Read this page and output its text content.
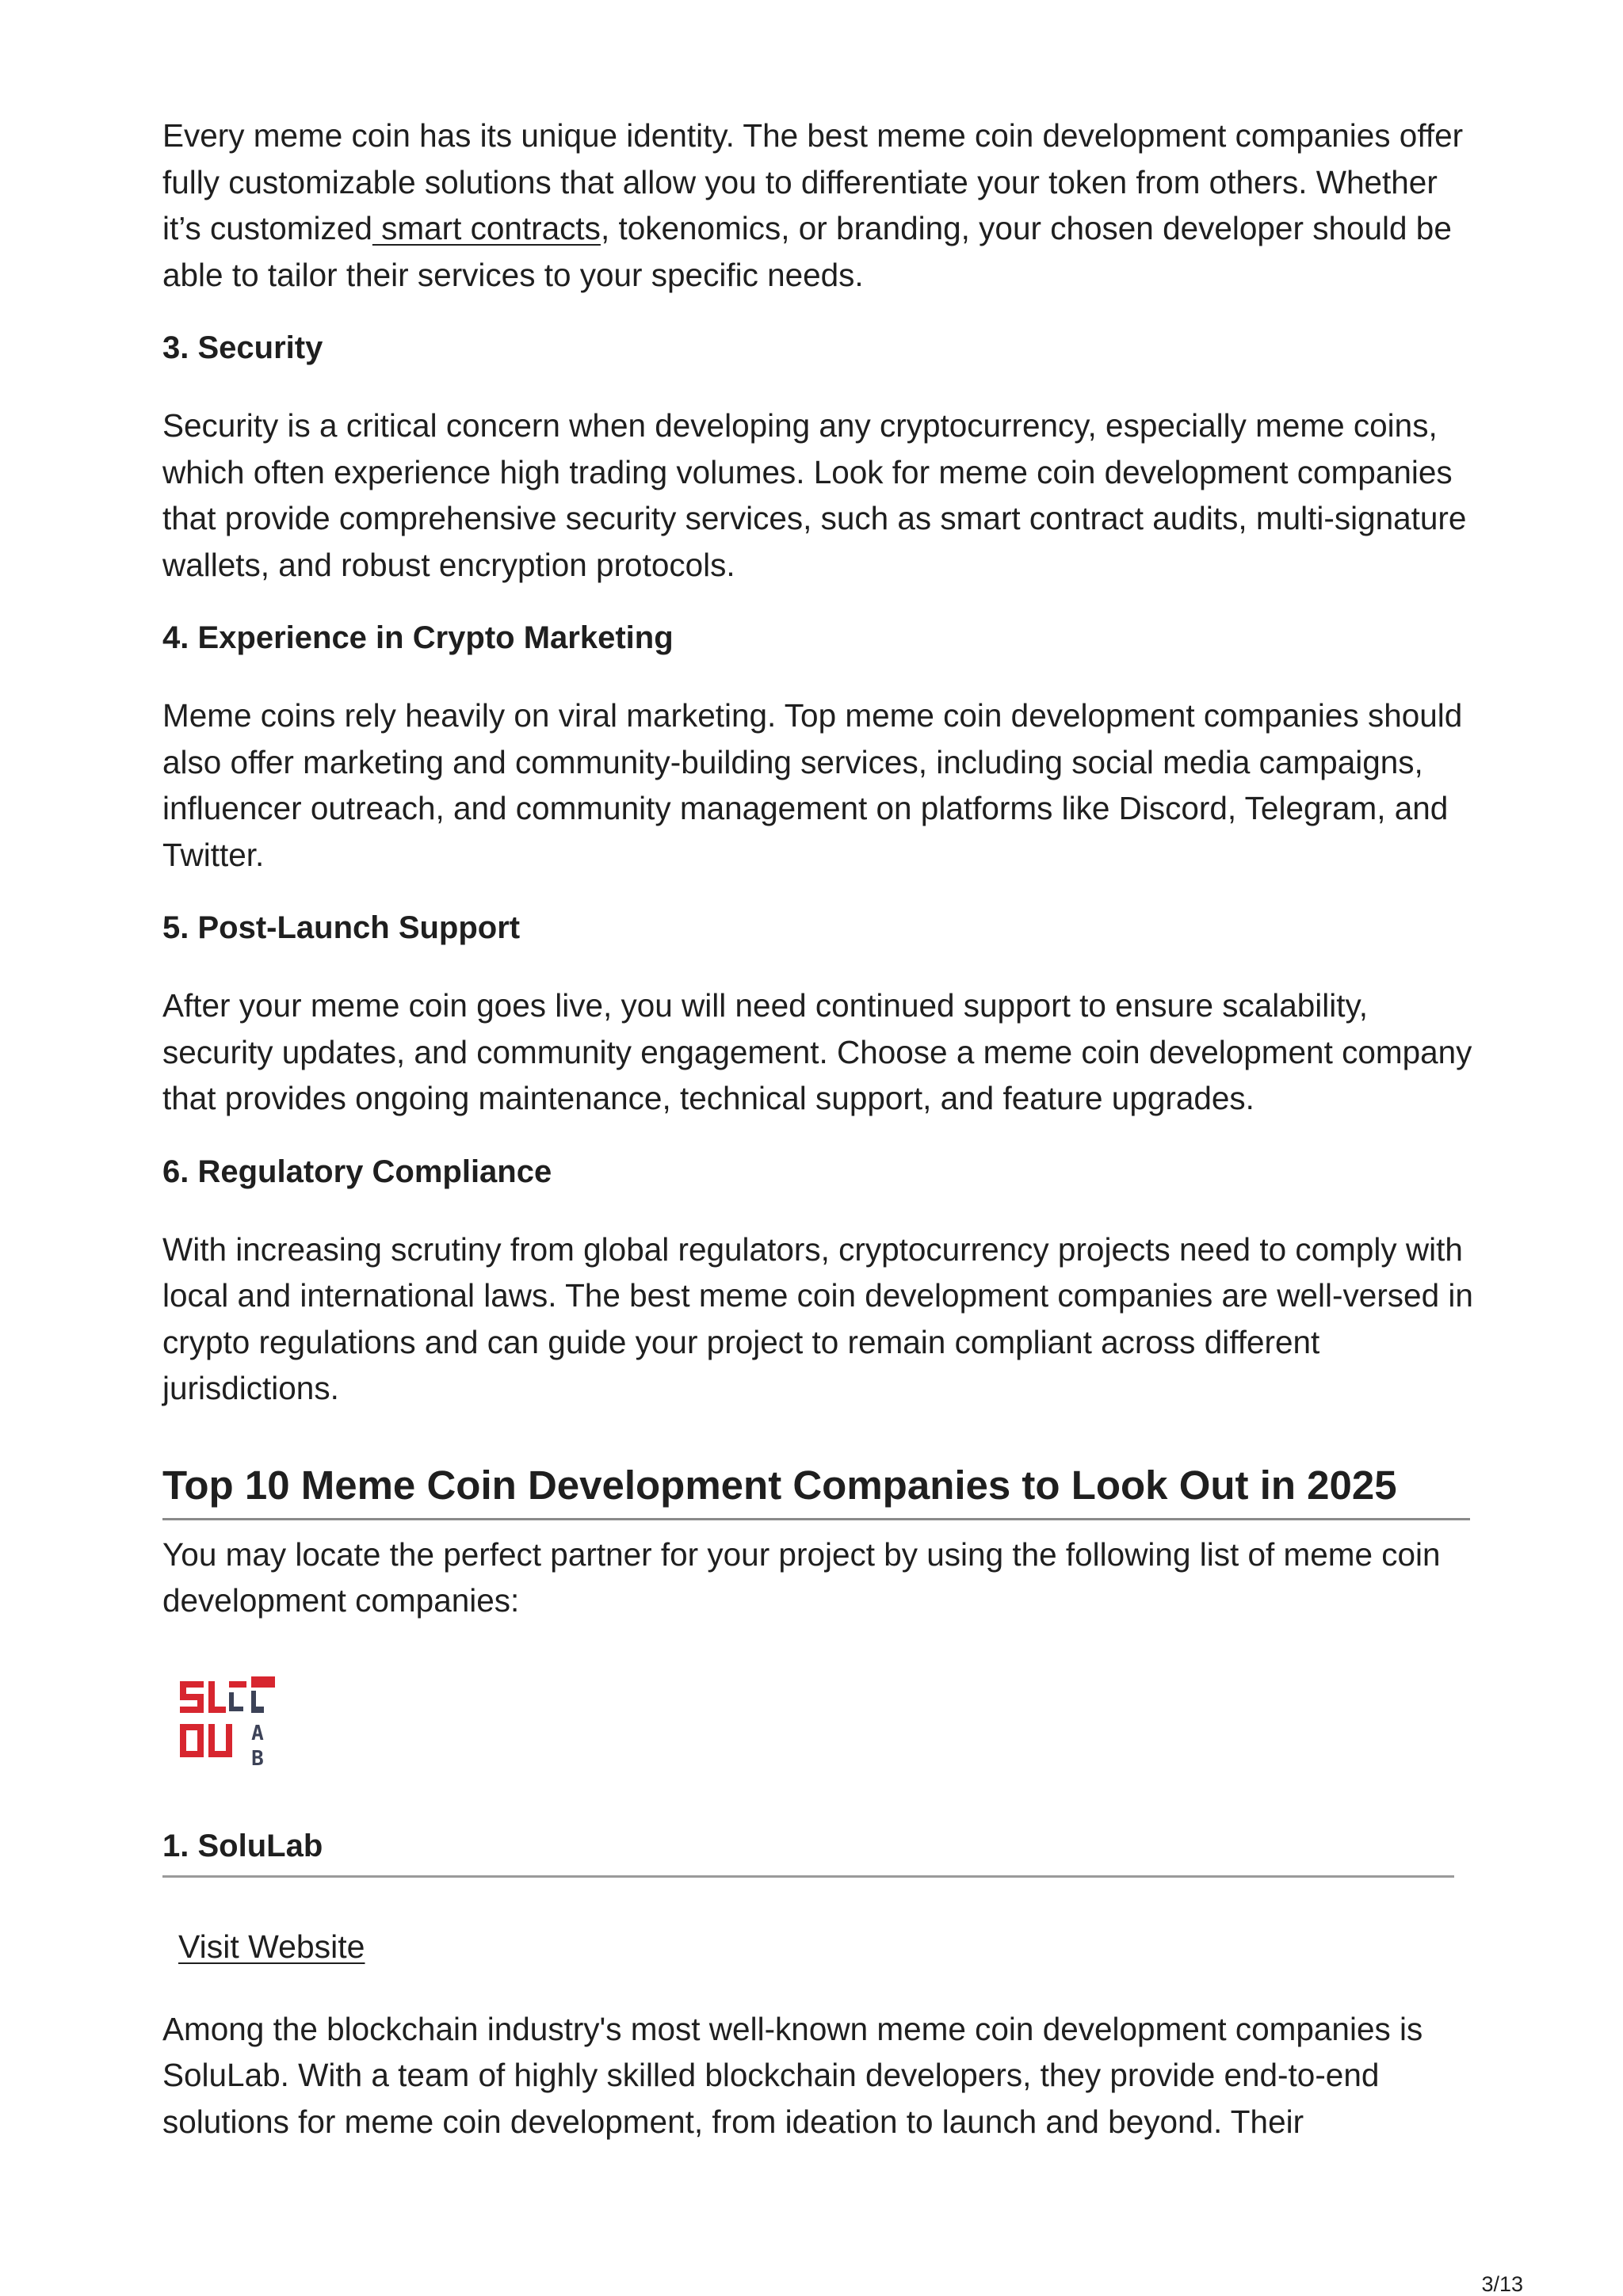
Every meme coin has its unique identity. The best meme coin development companies offer fully customizable solutions that allow you to differentiate your token from others. Whether it’s customized smart contracts, tokenomics, or branding, your chosen developer should be able to tailor their services to your specific needs.

3. Security

Security is a critical concern when developing any cryptocurrency, especially meme coins, which often experience high trading volumes. Look for meme coin development companies that provide comprehensive security services, such as smart contract audits, multi-signature wallets, and robust encryption protocols.

4. Experience in Crypto Marketing

Meme coins rely heavily on viral marketing. Top meme coin development companies should also offer marketing and community-building services, including social media campaigns, influencer outreach, and community management on platforms like Discord, Telegram, and Twitter.

5. Post-Launch Support

After your meme coin goes live, you will need continued support to ensure scalability, security updates, and community engagement. Choose a meme coin development company that provides ongoing maintenance, technical support, and feature upgrades.

6. Regulatory Compliance

With increasing scrutiny from global regulators, cryptocurrency projects need to comply with local and international laws. The best meme coin development companies are well-versed in crypto regulations and can guide your project to remain compliant across different jurisdictions.

Top 10 Meme Coin Development Companies to Look Out in 2025

You may locate the perfect partner for your project by using the following list of meme coin development companies:

A
B
1. SoluLab
Visit Website

Among the blockchain industry's most well-known meme coin development companies is SoluLab. With a team of highly skilled blockchain developers, they provide end-to-end solutions for meme coin development, from ideation to launch and beyond. Their

3/13
